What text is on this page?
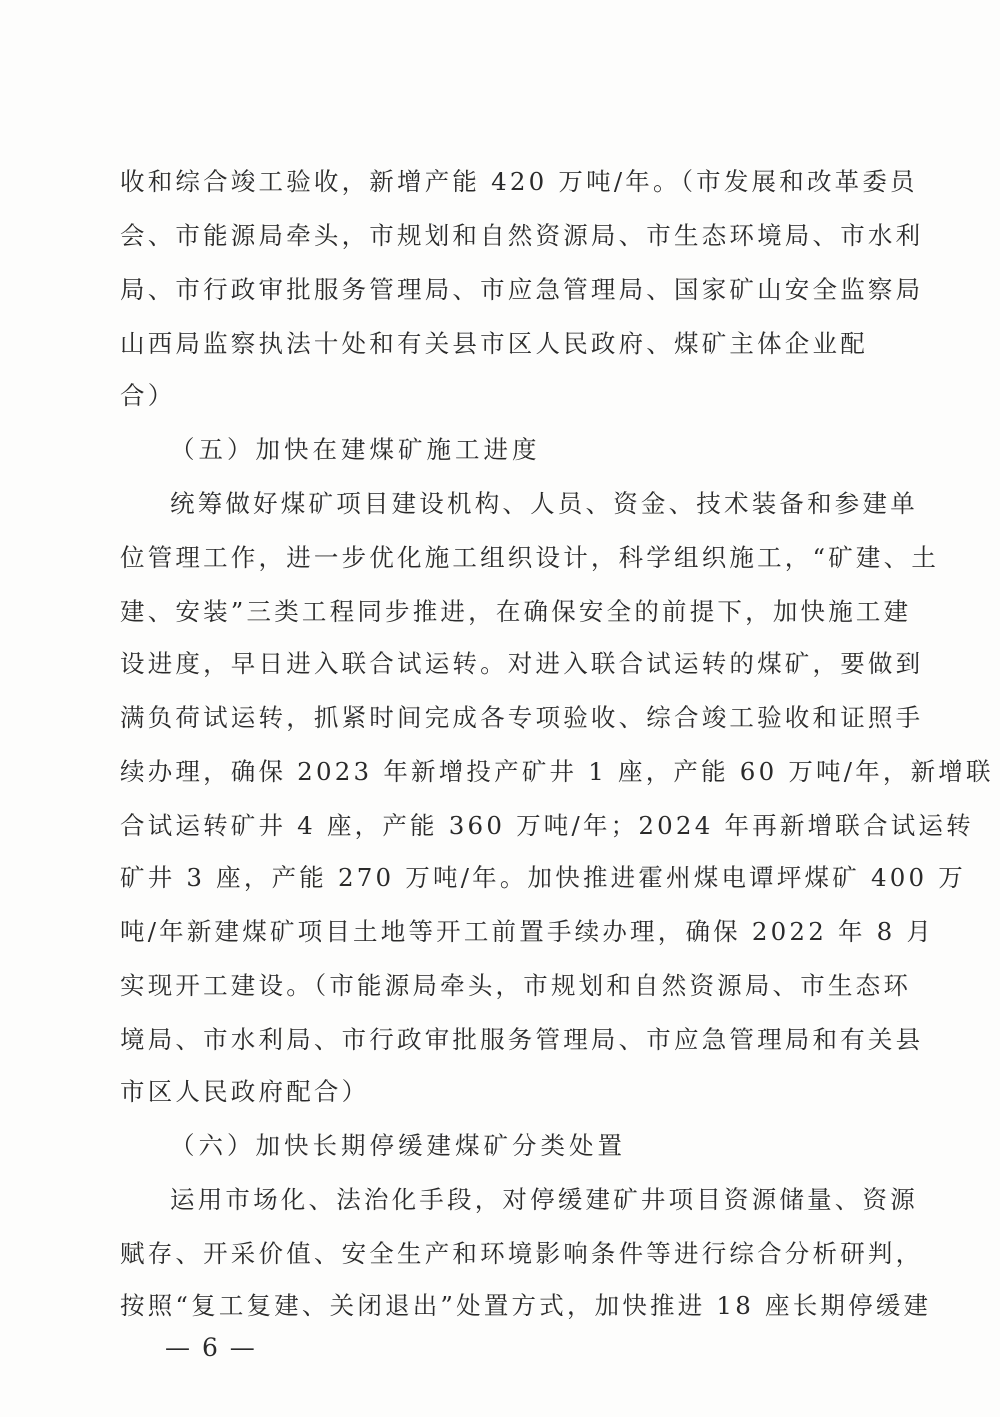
收和综合竣工验收，新增产能 420 万吨/年。（市发展和改革委员
会、市能源局牵头，市规划和自然资源局、市生态环境局、市水利
局、市行政审批服务管理局、市应急管理局、国家矿山安全监察局
山西局监察执法十处和有关县市区人民政府、煤矿主体企业配
合）
（五）加快在建煤矿施工进度
统筹做好煤矿项目建设机构、人员、资金、技术装备和参建单
位管理工作，进一步优化施工组织设计，科学组织施工，“矿建、土
建、安装”三类工程同步推进，在确保安全的前提下，加快施工建
设进度，早日进入联合试运转。对进入联合试运转的煤矿，要做到
满负荷试运转，抓紧时间完成各专项验收、综合竣工验收和证照手
续办理，确保 2023 年新增投产矿井 1 座，产能 60 万吨/年，新增联
合试运转矿井 4 座，产能 360 万吨/年；2024 年再新增联合试运转
矿井 3 座，产能 270 万吨/年。加快推进霍州煤电谭坪煤矿 400 万
吨/年新建煤矿项目土地等开工前置手续办理，确保 2022 年 8 月
实现开工建设。（市能源局牵头，市规划和自然资源局、市生态环
境局、市水利局、市行政审批服务管理局、市应急管理局和有关县
市区人民政府配合）
（六）加快长期停缓建煤矿分类处置
运用市场化、法治化手段，对停缓建矿井项目资源储量、资源
赋存、开采价值、安全生产和环境影响条件等进行综合分析研判，
按照“复工复建、关闭退出”处置方式，加快推进 18 座长期停缓建
— 6 —
